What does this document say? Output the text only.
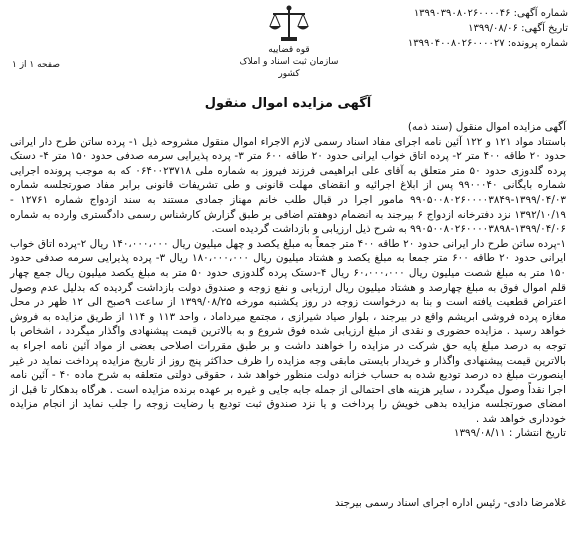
شماره آگهی: ۱۳۹۹۰۳۹۰۸۰۲۶۰۰۰۰۴۶
تاریخ آگهی: ۱۳۹۹/۰۸/۰۶
شماره پرونده: ۱۳۹۹۰۴۰۰۸۰۲۶۰۰۰۰۲۷
قوه قضاییه
سازمان ثبت اسناد و املاک کشور
صفحه ۱ از ۱
آگهی مزایده اموال منقول

آگهی مزایده اموال منقول (سند ذمه)

باستناد مواد ۱۲۱ و ۱۲۲ آئین نامه اجرای مفاد اسناد رسمی لازم الاجراء اموال منقول مشروحه ذیل ۱- پرده ساتن طرح دار ایرانی حدود ۲۰ طاقه ۴۰۰ متر ۲- پرده اتاق خواب ایرانی حدود ۲۰ طاقه ۶۰۰ متر ۳- پرده پذیرایی سرمه صدفی حدود ۱۵۰ متر ۴- دستک پرده گلدوزی حدود ۵۰ متر متعلق به آقای علی ابراهیمی فرزند فیروز به شماره ملی ۰۶۴۰۰۲۳۷۱۸ که به موجب پرونده اجرایی شماره بایگانی ۹۹۰۰۰۴۰ پس از ابلاغ اجرائیه و انقضای مهلت قانونی و طی تشریفات قانونی برابر مفاد صورتجلسه شماره ۱۳۹۹/۰۴/۰۳-۹۹۰۵۰۰۸۰۲۶۰۰۰۰۳۸۴۹ مامور اجرا در قبال طلب خانم مهناز جمادی مستند به سند ازدواج شماره ۱۲۷۶۱ - ۱۳۹۲/۱۰/۱۹ نزد دفترخانه ازدواج ۶ بیرجند به انضمام دوهفتم اضافی بر طبق گزارش کارشناس رسمی دادگستری وارده به شماره ۱۳۹۹/۰۴/۰۶-۹۹۰۵۰۰۸۰۲۶۰۰۰۰۳۸۹۸ به شرح ذیل ارزیابی و بازداشت گردیده است.

۱-پرده ساتن طرح دار ایرانی حدود ۲۰ طاقه ۴۰۰ متر جمعاً به مبلغ یکصد و چهل میلیون ریال ۱۴۰،۰۰۰،۰۰۰ ریال ۲-پرده اتاق خواب ایرانی حدود ۲۰ طاقه ۶۰۰ متر جمعا به مبلغ یکصد و هشتاد میلیون ریال ۱۸۰،۰۰۰،۰۰۰ ریال ۳- پرده پذیرایی سرمه صدفی حدود ۱۵۰ متر به مبلغ شصت میلیون ریال ۶۰،۰۰۰،۰۰۰ ریال ۴-دستک پرده گلدوزی حدود ۵۰ متر به مبلغ یکصد میلیون ریال جمع چهار قلم اموال فوق به مبلغ چهارصد و هشتاد میلیون ریال ارزیابی و نفع زوجه و صندوق دولت بازداشت گردیده که بدلیل عدم وصول اعتراض قطعیت یافته است و بنا به درخواست زوجه در روز یکشنبه مورخه ۱۳۹۹/۰۸/۲۵ از ساعت ۹صبح الی ۱۲ ظهر در محل مغازه پرده فروشی ابریشم واقع در بیرجند ، بلوار صیاد شیرازی ، مجتمع میرداماد ، واحد ۱۱۳ و ۱۱۴ از طریق مزایده به فروش خواهد رسید . مزایده حضوری و نقدی از مبلغ ارزیابی شده فوق شروع و به بالاترین قیمت پیشنهادی واگذار میگردد ، اشخاص با توجه به درصد مبلغ پایه حق شرکت در مزایده را خواهند داشت و بر طبق مقررات اصلاحی بعضی از مواد آئین نامه اجراء به بالاترین قیمت پیشنهادی واگذار و خریدار بایستی مابقی وجه مزایده را ظرف حداکثر پنج روز از تاریخ مزایده پرداخت نماید در غیر اینصورت مبلغ ده درصد تودیع شده به حساب خزانه دولت منظور خواهد شد ، حقوقی دولتی متعلقه به شرح ماده ۴۰ - آئین نامه اجرا نقداً وصول میگردد ، سایر هزینه های احتمالی از جمله جابه جایی و غیره بر عهده برنده مزایده است . هرگاه بدهکار تا قبل از امضای صورتجلسه مزایده بدهی خویش را پرداخت و یا نزد صندوق ثبت تودیع یا رضایت زوجه را جلب نماید از انجام مزایده خودداری خواهد شد .

تاریخ انتشار : ۱۳۹۹/۰۸/۱۱

غلامرضا دادی- رئیس اداره اجرای اسناد رسمی بیرجند
